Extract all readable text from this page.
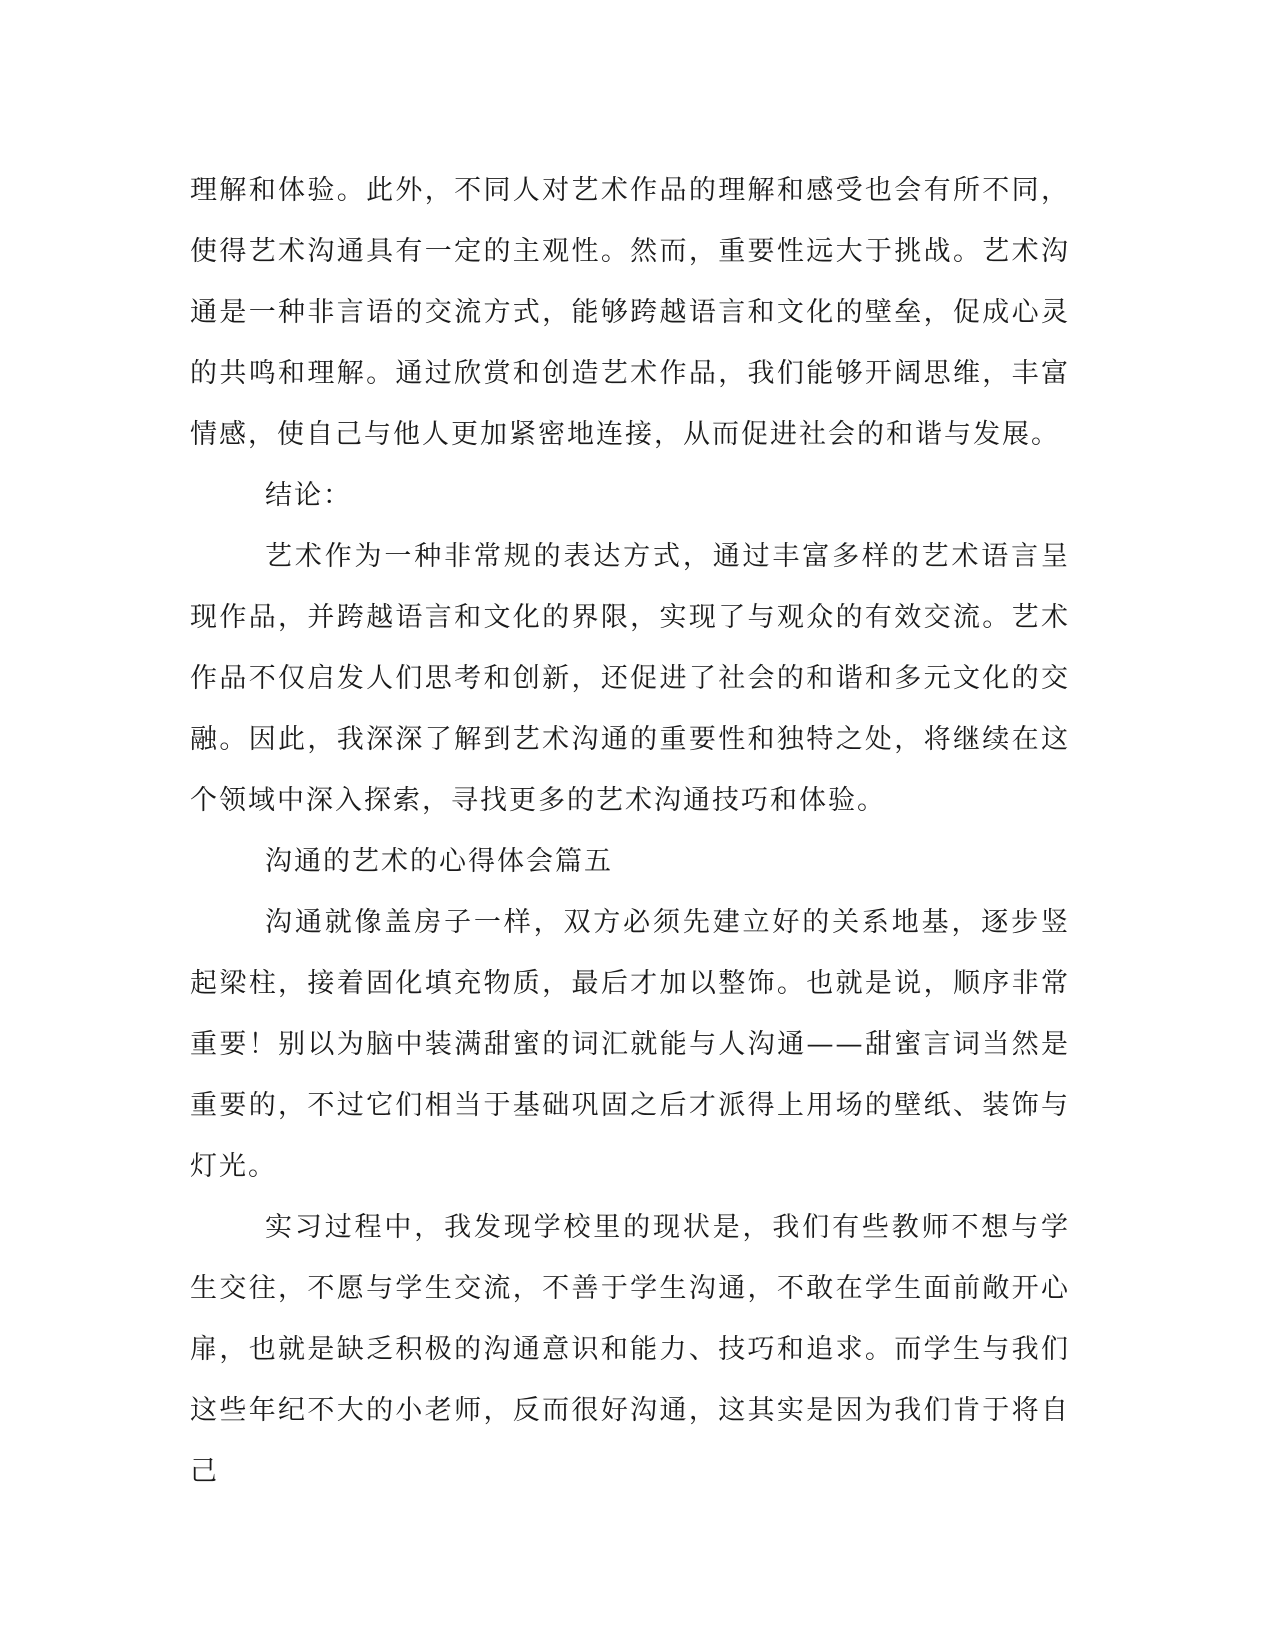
理解和体验。此外，不同人对艺术作品的理解和感受也会有所不同，使得艺术沟通具有一定的主观性。然而，重要性远大于挑战。艺术沟通是一种非言语的交流方式，能够跨越语言和文化的壁垒，促成心灵的共鸣和理解。通过欣赏和创造艺术作品，我们能够开阔思维，丰富情感，使自己与他人更加紧密地连接，从而促进社会的和谐与发展。

结论：

艺术作为一种非常规的表达方式，通过丰富多样的艺术语言呈现作品，并跨越语言和文化的界限，实现了与观众的有效交流。艺术作品不仅启发人们思考和创新，还促进了社会的和谐和多元文化的交融。因此，我深深了解到艺术沟通的重要性和独特之处，将继续在这个领域中深入探索，寻找更多的艺术沟通技巧和体验。

沟通的艺术的心得体会篇五

沟通就像盖房子一样，双方必须先建立好的关系地基，逐步竖起梁柱，接着固化填充物质，最后才加以整饰。也就是说，顺序非常重要！别以为脑中装满甜蜜的词汇就能与人沟通——甜蜜言词当然是重要的，不过它们相当于基础巩固之后才派得上用场的壁纸、装饰与灯光。

实习过程中，我发现学校里的现状是，我们有些教师不想与学生交往，不愿与学生交流，不善于学生沟通，不敢在学生面前敞开心扉，也就是缺乏积极的沟通意识和能力、技巧和追求。而学生与我们这些年纪不大的小老师，反而很好沟通，这其实是因为我们肯于将自己
